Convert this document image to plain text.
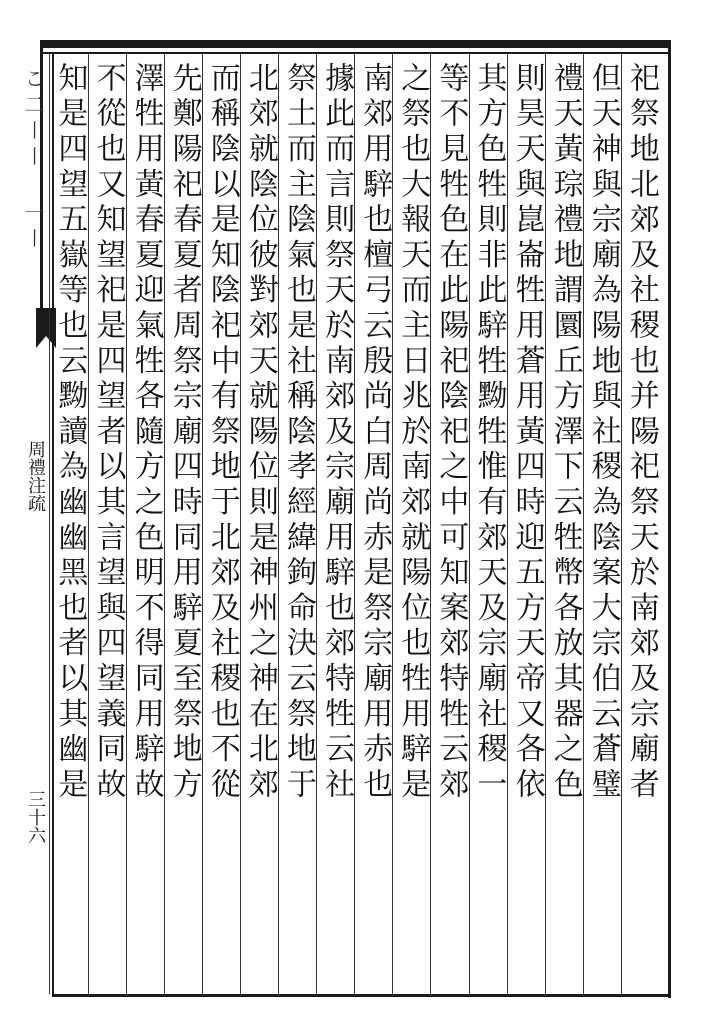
こ二〡〡 一〡
周禮注疏
三十六
祀祭地北郊及社稷也并陽祀祭天於南郊及宗廟者
但天神與宗廟為陽地與社稷為陰案大宗伯云蒼璧
禮天黃琮禮地謂圜丘方澤下云牲幣各放其器之色
則昊天與崑崙牲用蒼用黃四時迎五方天帝又各依
其方色牲則非此騂牲黝牲惟有郊天及宗廟社稷一
等不見牲色在此陽祀陰祀之中可知案郊特牲云郊
之祭也大報天而主日兆於南郊就陽位也牲用騂是
南郊用騂也檀弓云殷尚白周尚赤是祭宗廟用赤也
據此而言則祭天於南郊及宗廟用騂也郊特牲云社
祭土而主陰氣也是社稱陰孝經緯鉤命決云祭地于
北郊就陰位彼對郊天就陽位則是神州之神在北郊
而稱陰以是知陰祀中有祭地于北郊及社稷也不從
先鄭陽祀春夏者周祭宗廟四時同用騂夏至祭地方
澤牲用黃春夏迎氣牲各隨方之色明不得同用騂故
不從也又知望祀是四望者以其言望與四望義同故
知是四望五嶽等也云黝讀為幽幽黑也者以其幽是
